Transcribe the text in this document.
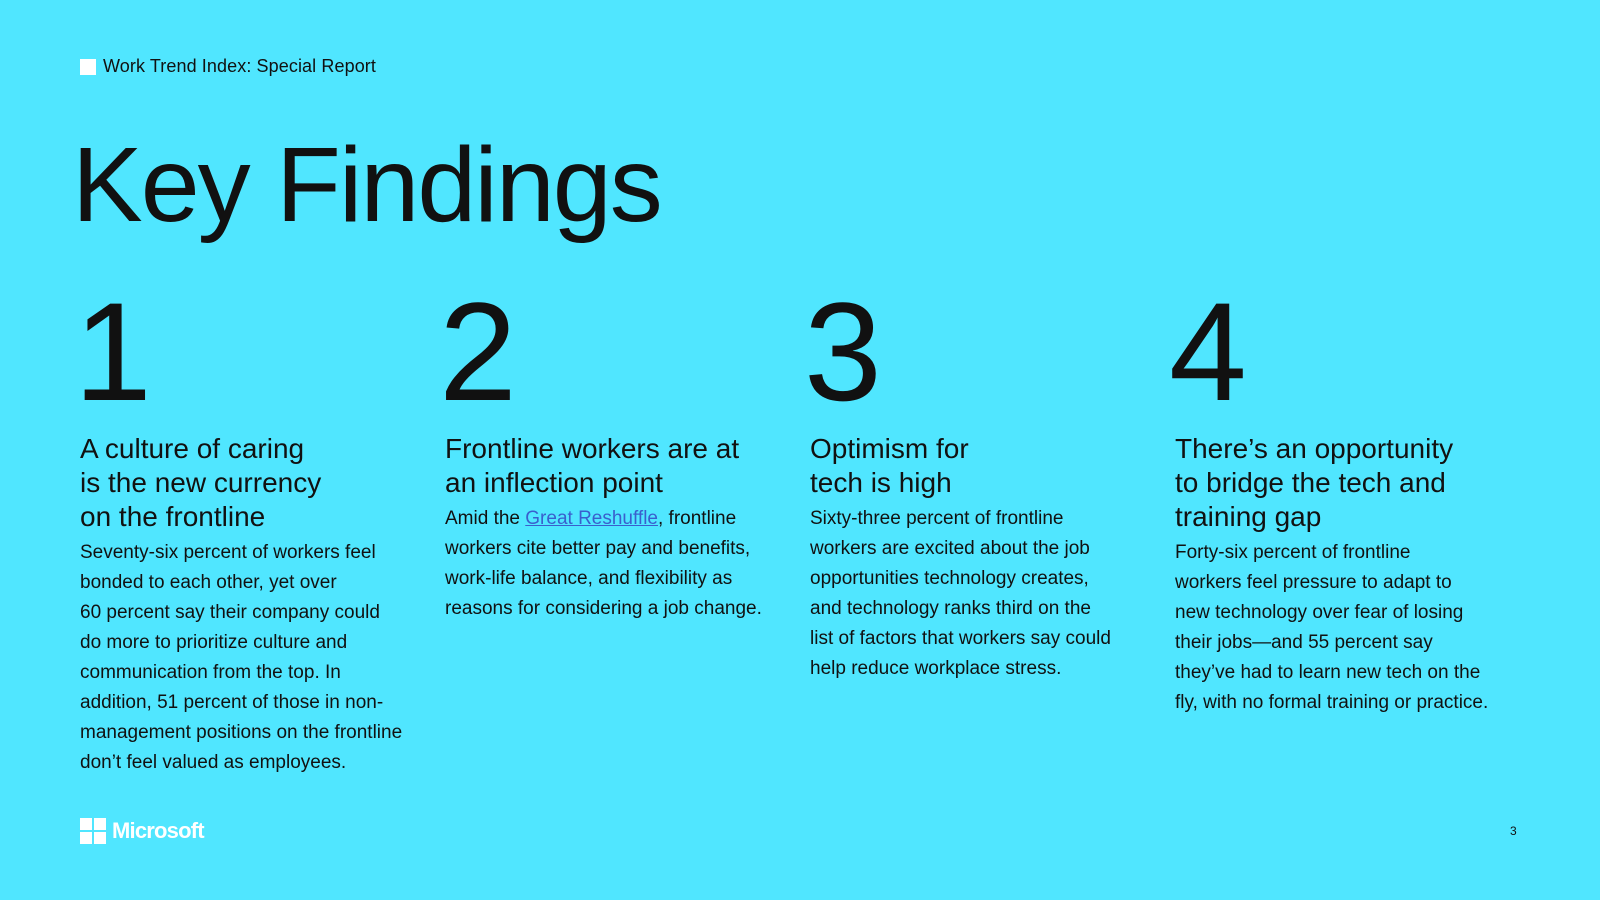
Work Trend Index: Special Report
Key Findings
1
A culture of caring
is the new currency
on the frontline

Seventy-six percent of workers feel
bonded to each other, yet over
60 percent say their company could
do more to prioritize culture and
communication from the top. In
addition, 51 percent of those in non-
management positions on the frontline
don’t feel valued as employees.

2
Frontline workers are at
an inflection point

Amid the Great Reshuffle, frontline
workers cite better pay and benefits,
work-life balance, and flexibility as
reasons for considering a job change.

3
Optimism for
tech is high

Sixty-three percent of frontline
workers are excited about the job
opportunities technology creates,
and technology ranks third on the
list of factors that workers say could
help reduce workplace stress.

4
There’s an opportunity
to bridge the tech and
training gap

Forty-six percent of frontline
workers feel pressure to adapt to
new technology over fear of losing
their jobs—and 55 percent say
they’ve had to learn new tech on the
fly, with no formal training or practice.

Microsoft	3
